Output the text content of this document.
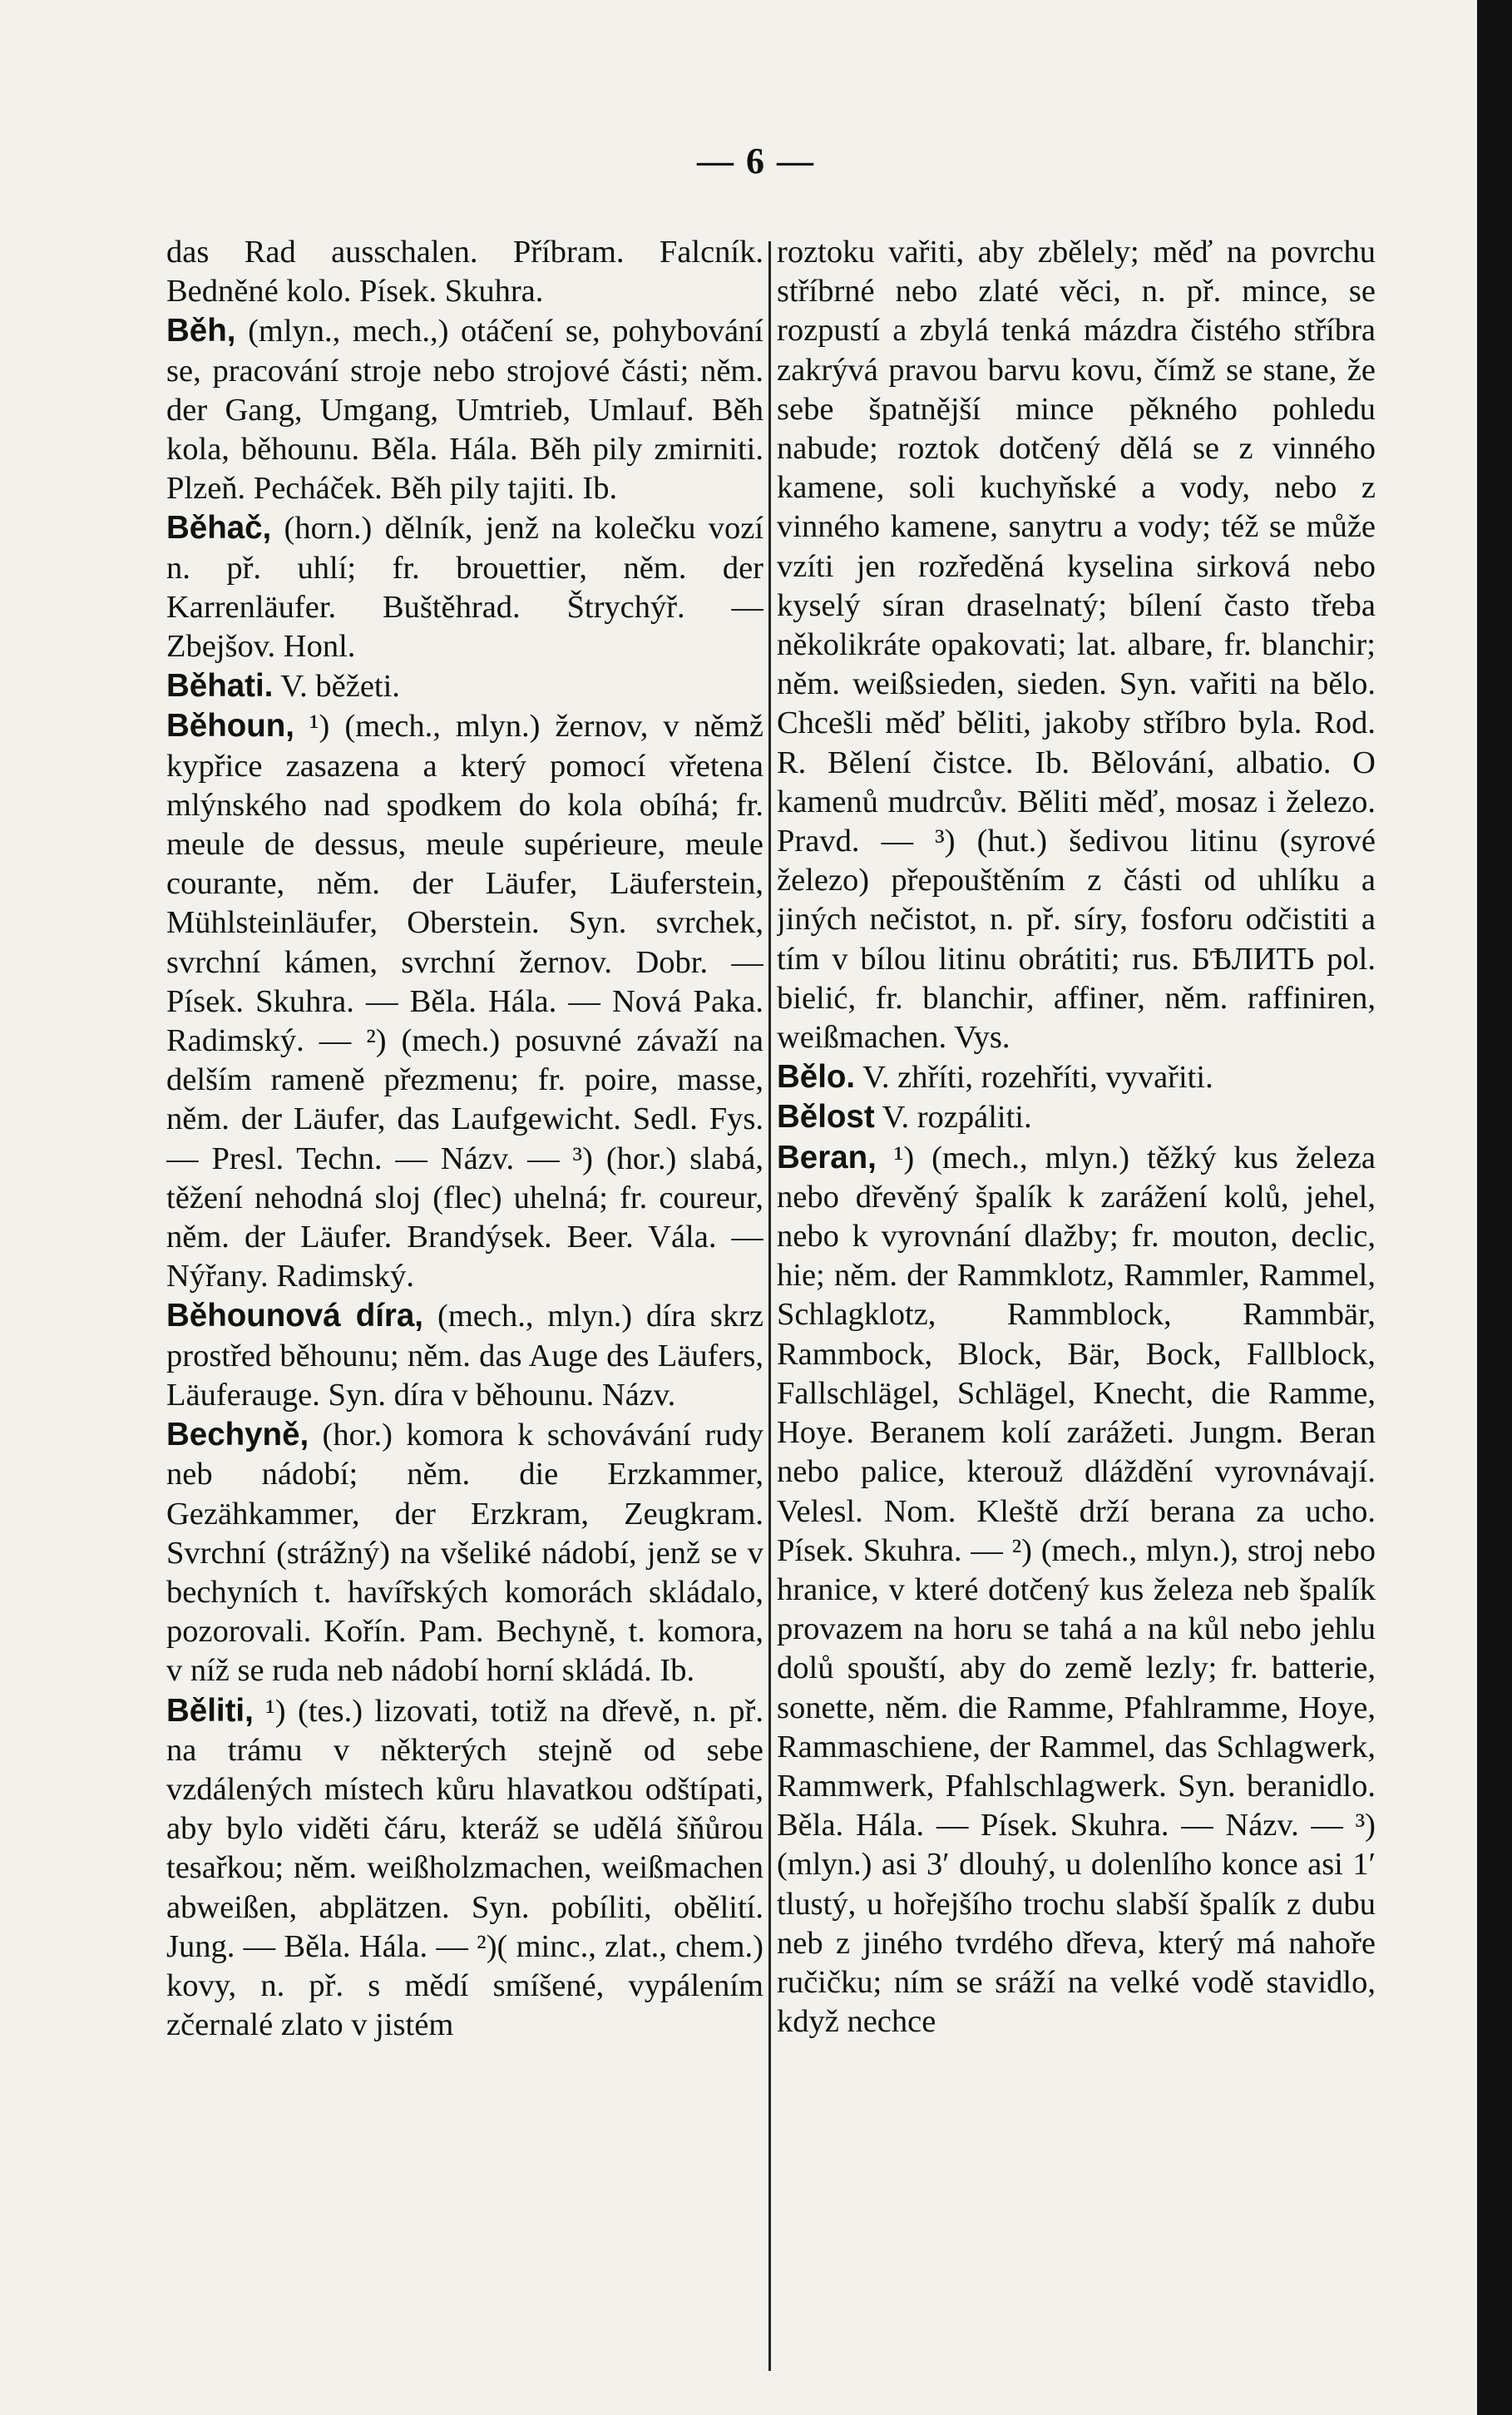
— 6 —

das Rad ausschalen. Příbram. Falcník. Bedněné kolo. Písek. Skuhra.

Běh, (mlyn., mech.,) otáčení se, pohybování se, pracování stroje nebo strojové části; něm. der Gang, Umgang, Umtrieb, Umlauf. Běh kola, běhounu. Běla. Hála. Běh pily zmirniti. Plzeň. Pecháček. Běh pily tajiti. Ib.

Běhač, (horn.) dělník, jenž na kolečku vozí n. př. uhlí; fr. brouettier, něm. der Karrenläufer. Buštěhrad. Štrychýř. — Zbejšov. Honl.

Běhati. V. běžeti.

Běhoun, ¹) (mech., mlyn.) žernov, v němž kypřice zasazena a který pomocí vřetena mlýnského nad spodkem do kola obíhá; fr. meule de dessus, meule supérieure, meule courante, něm. der Läufer, Läuferstein, Mühlsteinläufer, Oberstein. Syn. svrchek, svrchní kámen, svrchní žernov. Dobr. — Písek. Skuhra. — Běla. Hála. — Nová Paka. Radimský. — ²) (mech.) posuvné závaží na delším rameně přezmenu; fr. poire, masse, něm. der Läufer, das Laufgewicht. Sedl. Fys. — Presl. Techn. — Názv. — ³) (hor.) slabá, těžení nehodná sloj (flec) uhelná; fr. coureur, něm. der Läufer. Brandýsek. Beer. Vála. — Nýřany. Radimský.

Běhounová díra, (mech., mlyn.) díra skrz prostřed běhounu; něm. das Auge des Läufers, Läuferauge. Syn. díra v běhounu. Názv.

Bechyně, (hor.) komora k schovávání rudy neb nádobí; něm. die Erzkammer, Gezähkammer, der Erzkram, Zeugkram. Svrchní (strážný) na všeliké nádobí, jenž se v bechyních t. havířských komorách skládalo, pozorovali. Kořín. Pam. Bechyně, t. komora, v níž se ruda neb nádobí horní skládá. Ib.

Běliti, ¹) (tes.) lizovati, totiž na dřevě, n. př. na trámu v některých stejně od sebe vzdálených místech kůru hlavatkou odštípati, aby bylo viděti čáru, kteráž se udělá šňůrou tesařkou; něm. weißholzmachen, weißmachen abweißen, abplätzen. Syn. pobíliti, obělití. Jung. — Běla. Hála. — ²)( minc., zlat., chem.) kovy, n. př. s mědí smíšené, vypálením zčernalé zlato v jistém

roztoku vařiti, aby zbělely; měď na povrchu stříbrné nebo zlaté věci, n. př. mince, se rozpustí a zbylá tenká mázdra čistého stříbra zakrývá pravou barvu kovu, čímž se stane, že sebe špatnější mince pěkného pohledu nabude; roztok dotčený dělá se z vinného kamene, soli kuchyňské a vody, nebo z vinného kamene, sanytru a vody; též se může vzíti jen rozředěná kyselina sirková nebo kyselý síran draselnatý; bílení často třeba několikráte opakovati; lat. albare, fr. blanchir; něm. weißsieden, sieden. Syn. vařiti na bělo. Chcešli měď běliti, jakoby stříbro byla. Rod. R. Bělení čistce. Ib. Bělování, albatio. O kamenů mudrcův. Běliti měď, mosaz i železo. Pravd. — ³) (hut.) šedivou litinu (syrové železo) přepouštěním z části od uhlíku a jiných nečistot, n. př. síry, fosforu odčistiti a tím v bílou litinu obrátiti; rus. БѢЛИТЬ pol. bielić, fr. blanchir, affiner, něm. raffiniren, weißmachen. Vys.

Bělo. V. zhříti, rozehříti, vyvařiti.

Bělost V. rozpáliti.

Beran, ¹) (mech., mlyn.) těžký kus železa nebo dřevěný špalík k zarážení kolů, jehel, nebo k vyrovnání dlažby; fr. mouton, declic, hie; něm. der Rammklotz, Rammler, Rammel, Schlagklotz, Rammblock, Rammbär, Rammbock, Block, Bär, Bock, Fallblock, Fallschlägel, Schlägel, Knecht, die Ramme, Hoye. Beranem kolí zarážeti. Jungm. Beran nebo palice, kterouž dláždění vyrovnávají. Velesl. Nom. Kleště drží berana za ucho. Písek. Skuhra. — ²) (mech., mlyn.), stroj nebo hranice, v které dotčený kus železa neb špalík provazem na horu se tahá a na kůl nebo jehlu dolů spouští, aby do země lezly; fr. batterie, sonette, něm. die Ramme, Pfahlramme, Hoye, Rammaschiene, der Rammel, das Schlagwerk, Rammwerk, Pfahlschlagwerk. Syn. beranidlo. Běla. Hála. — Písek. Skuhra. — Názv. — ³) (mlyn.) asi 3′ dlouhý, u dolenlího konce asi 1′ tlustý, u hořejšího trochu slabší špalík z dubu neb z jiného tvrdého dřeva, který má nahoře ručičku; ním se sráží na velké vodě stavidlo, když nechce
